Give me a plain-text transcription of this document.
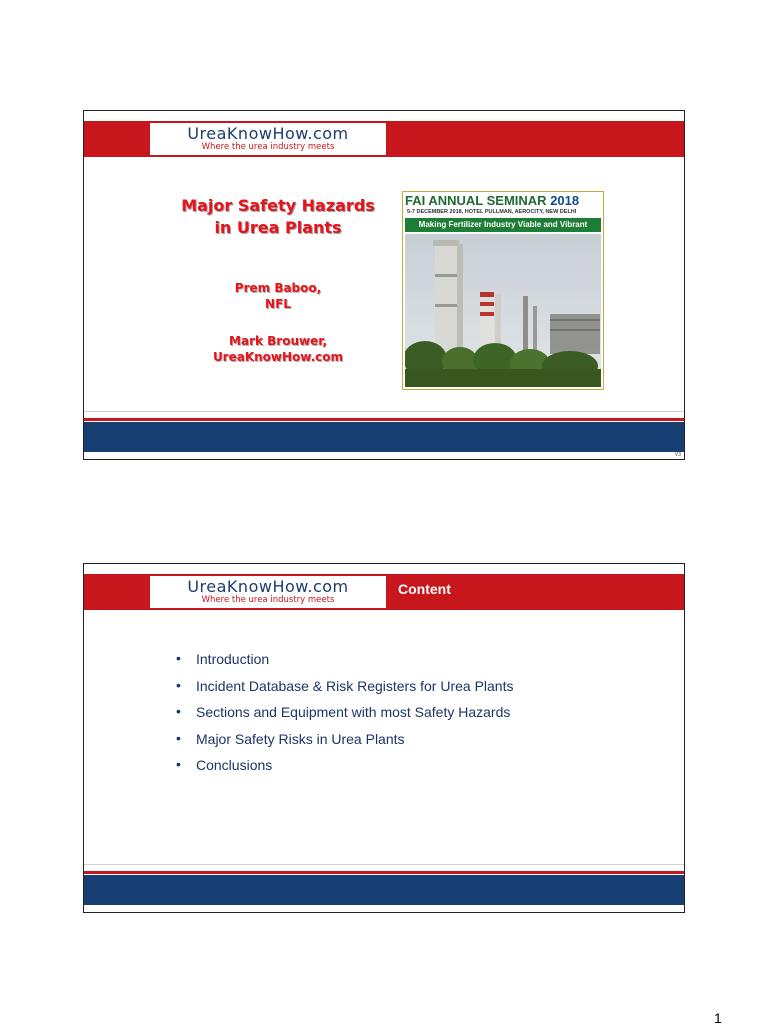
UreaKnowHow.com
Where the urea industry meets
Major Safety Hazards
in Urea Plants
Prem Baboo,
NFL
Mark Brouwer,
UreaKnowHow.com
FAI ANNUAL SEMINAR 2018
5-7 DECEMBER 2018, HOTEL PULLMAN, AEROCITY, NEW DELHI
Making Fertilizer Industry Viable and Vibrant
V3
UreaKnowHow.com
Where the urea industry meets
Content
• Introduction
• Incident Database & Risk Registers for Urea Plants
• Sections and Equipment with most Safety Hazards
• Major Safety Risks in Urea Plants
• Conclusions
1
